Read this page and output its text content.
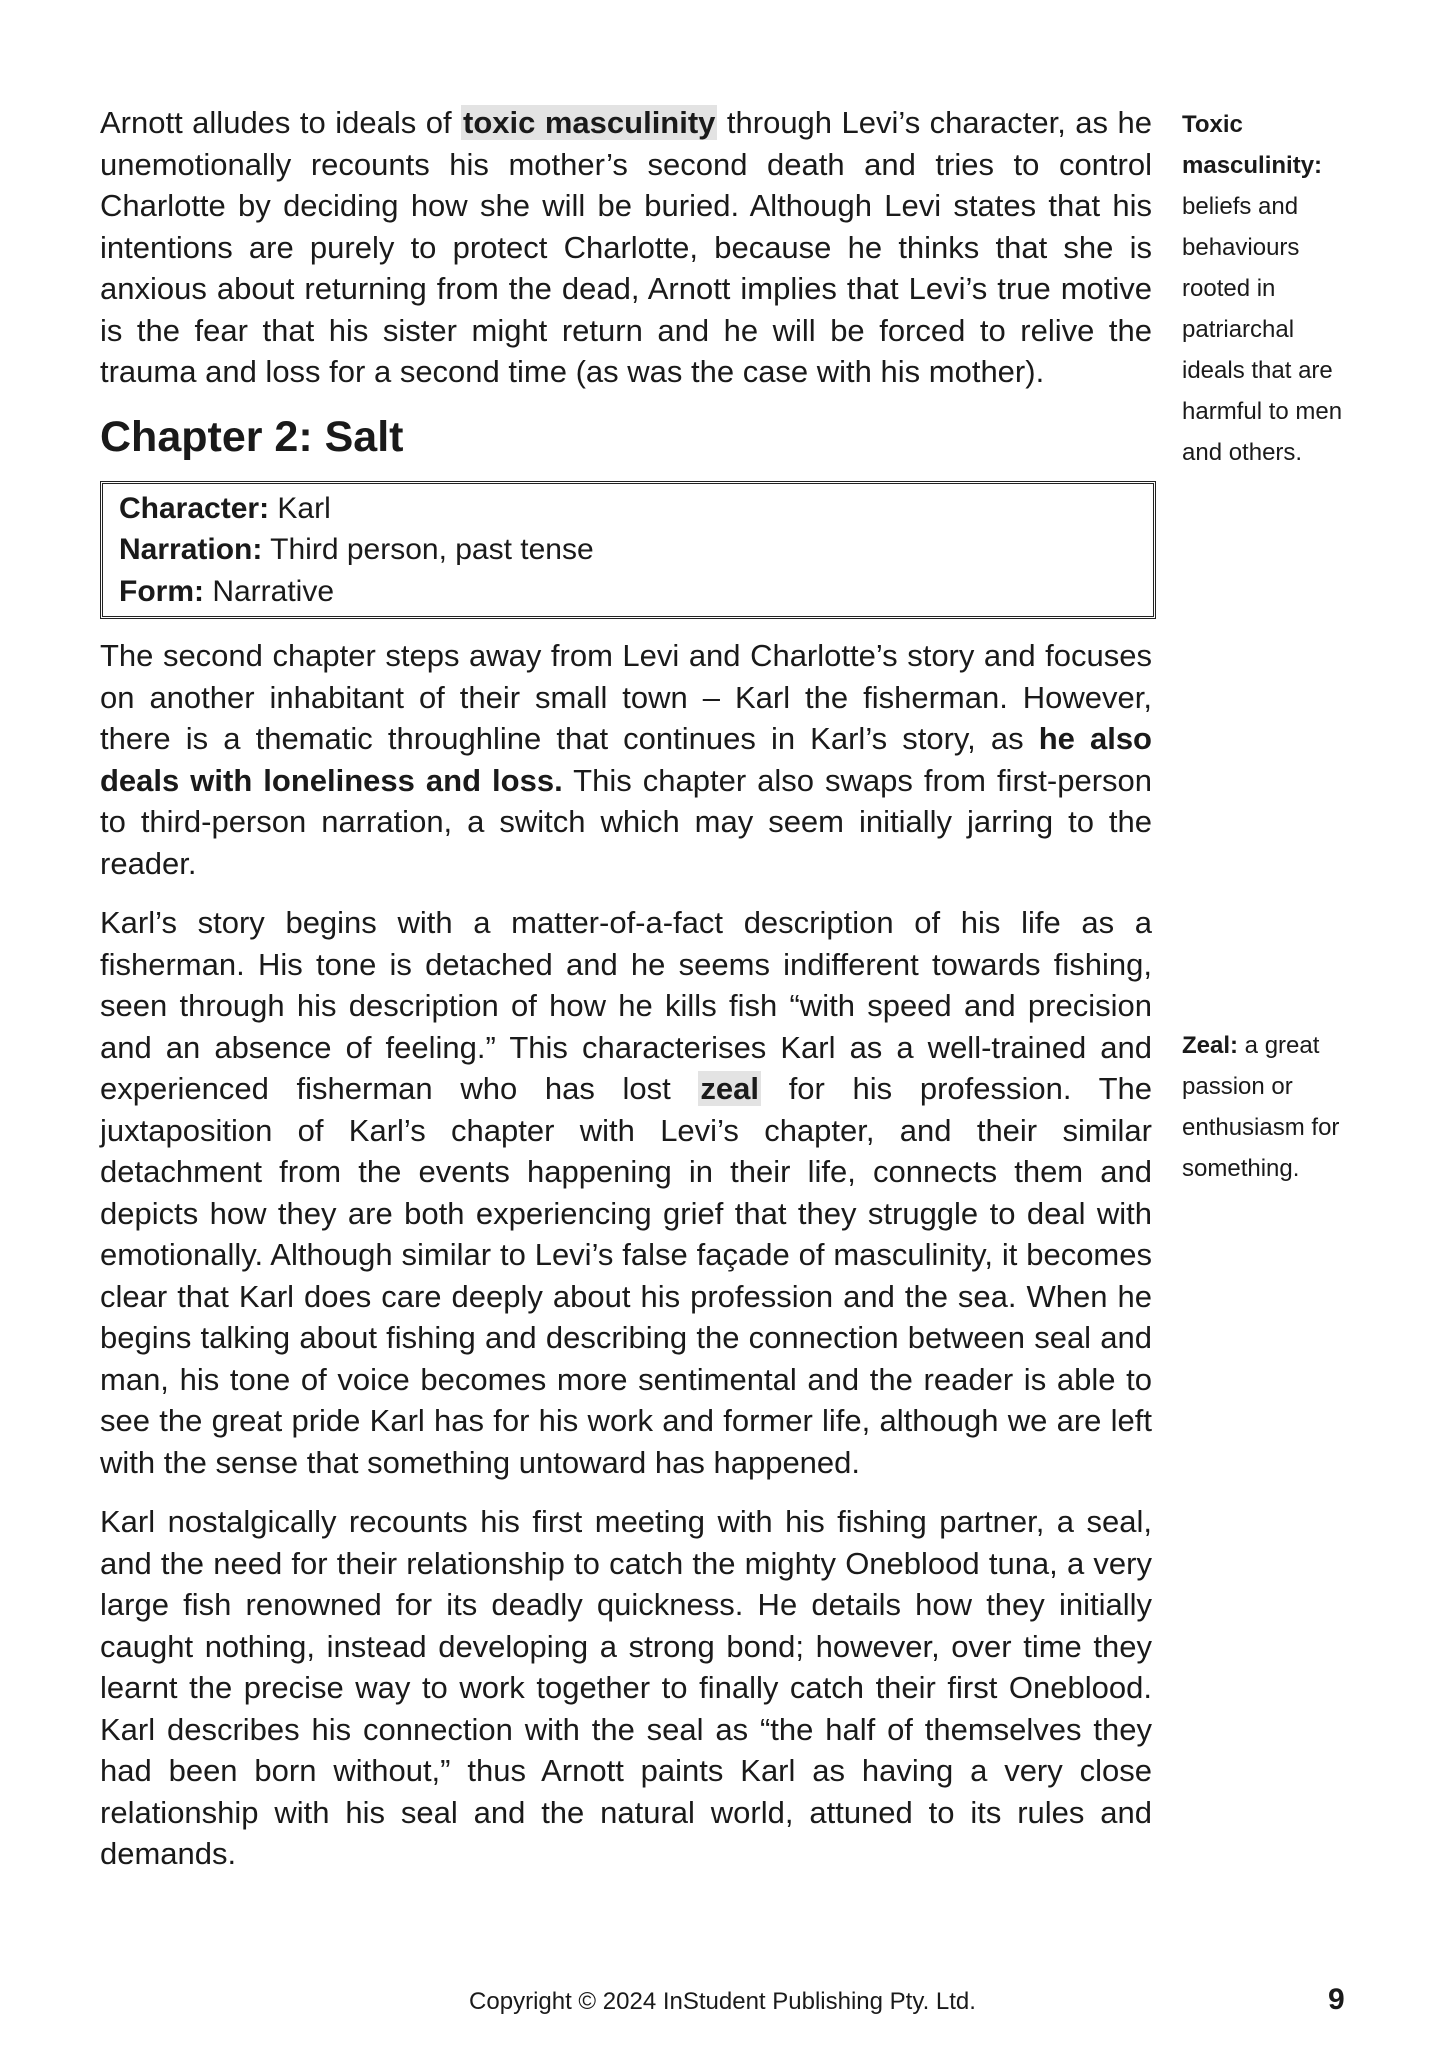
Arnott alludes to ideals of toxic masculinity through Levi’s character, as he unemotionally recounts his mother’s second death and tries to control Charlotte by deciding how she will be buried. Although Levi states that his intentions are purely to protect Charlotte, because he thinks that she is anxious about returning from the dead, Arnott implies that Levi’s true motive is the fear that his sister might return and he will be forced to relive the trauma and loss for a second time (as was the case with his mother).

Chapter 2: Salt
Character: Karl
Narration: Third person, past tense
Form: Narrative

The second chapter steps away from Levi and Charlotte’s story and focuses on another inhabitant of their small town – Karl the fisherman. However, there is a thematic throughline that continues in Karl’s story, as he also deals with loneliness and loss. This chapter also swaps from first-person to third-person narration, a switch which may seem initially jarring to the reader.

Karl’s story begins with a matter-of-a-fact description of his life as a fisherman. His tone is detached and he seems indifferent towards fishing, seen through his description of how he kills fish “with speed and precision and an absence of feeling.” This characterises Karl as a well-trained and experienced fisherman who has lost zeal for his profession. The juxtaposition of Karl’s chapter with Levi’s chapter, and their similar detachment from the events happening in their life, connects them and depicts how they are both experiencing grief that they struggle to deal with emotionally. Although similar to Levi’s false façade of masculinity, it becomes clear that Karl does care deeply about his profession and the sea. When he begins talking about fishing and describing the connection between seal and man, his tone of voice becomes more sentimental and the reader is able to see the great pride Karl has for his work and former life, although we are left with the sense that something untoward has happened.

Karl nostalgically recounts his first meeting with his fishing partner, a seal, and the need for their relationship to catch the mighty Oneblood tuna, a very large fish renowned for its deadly quickness. He details how they initially caught nothing, instead developing a strong bond; however, over time they learnt the precise way to work together to finally catch their first Oneblood. Karl describes his connection with the seal as “the half of themselves they had been born without,” thus Arnott paints Karl as having a very close relationship with his seal and the natural world, attuned to its rules and demands.

Toxic masculinity: beliefs and behaviours rooted in patriarchal ideals that are harmful to men and others.
Zeal: a great passion or enthusiasm for something.
Copyright © 2024 InStudent Publishing Pty. Ltd.	9
